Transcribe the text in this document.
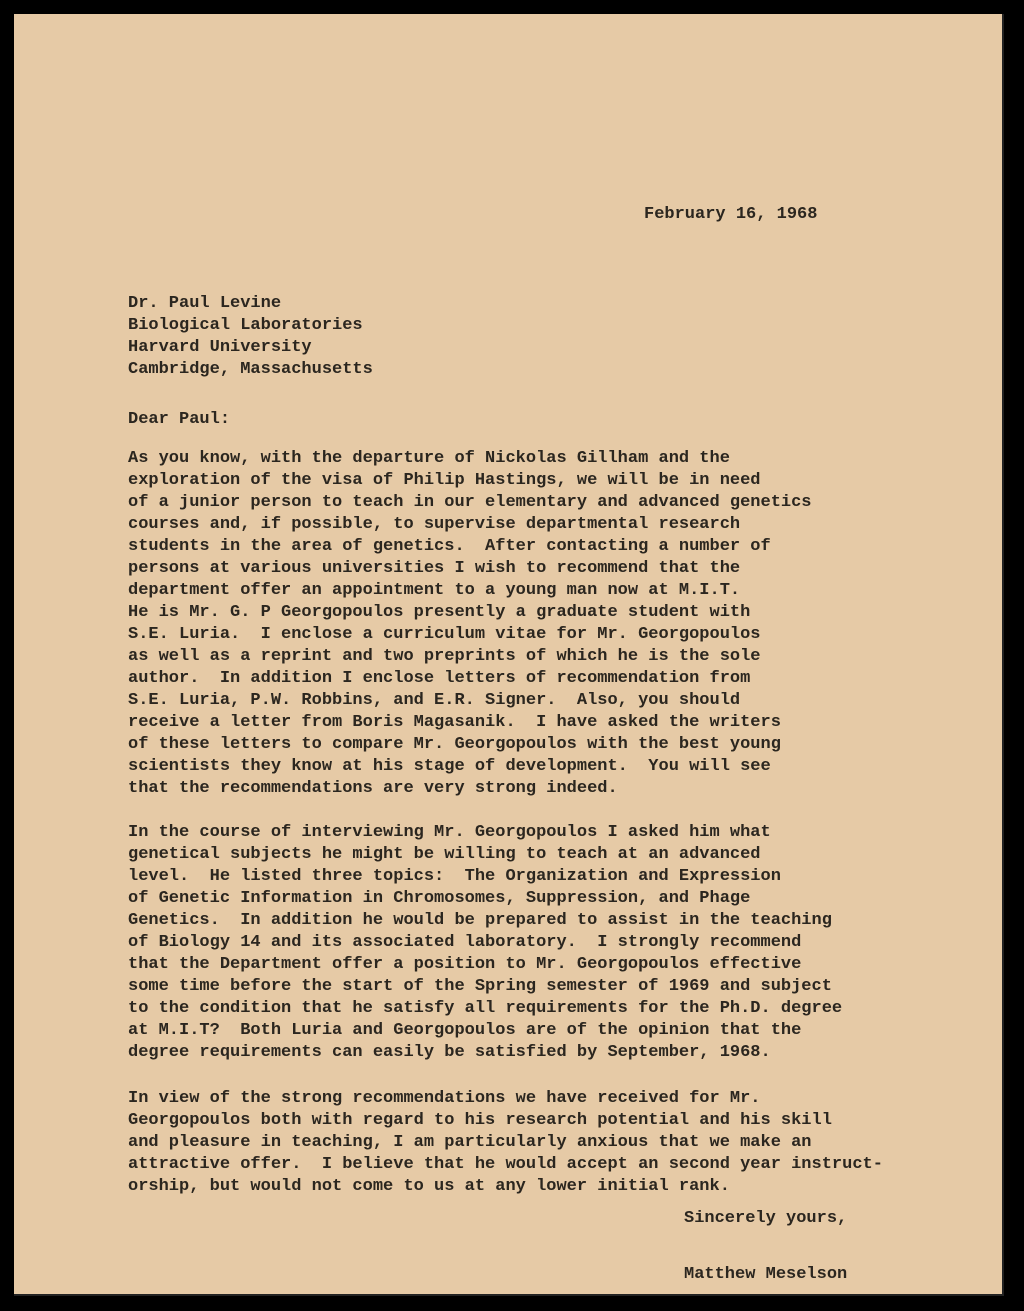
February 16, 1968
Dr. Paul Levine
Biological Laboratories
Harvard University
Cambridge, Massachusetts
Dear Paul:
As you know, with the departure of Nickolas Gillham and the
exploration of the visa of Philip Hastings, we will be in need
of a junior person to teach in our elementary and advanced genetics
courses and, if possible, to supervise departmental research
students in the area of genetics.  After contacting a number of
persons at various universities I wish to recommend that the
department offer an appointment to a young man now at M.I.T.
He is Mr. G. P Georgopoulos presently a graduate student with
S.E. Luria.  I enclose a curriculum vitae for Mr. Georgopoulos
as well as a reprint and two preprints of which he is the sole
author.  In addition I enclose letters of recommendation from
S.E. Luria, P.W. Robbins, and E.R. Signer.  Also, you should
receive a letter from Boris Magasanik.  I have asked the writers
of these letters to compare Mr. Georgopoulos with the best young
scientists they know at his stage of development.  You will see
that the recommendations are very strong indeed.
In the course of interviewing Mr. Georgopoulos I asked him what
genetical subjects he might be willing to teach at an advanced
level.  He listed three topics:  The Organization and Expression
of Genetic Information in Chromosomes, Suppression, and Phage
Genetics.  In addition he would be prepared to assist in the teaching
of Biology 14 and its associated laboratory.  I strongly recommend
that the Department offer a position to Mr. Georgopoulos effective
some time before the start of the Spring semester of 1969 and subject
to the condition that he satisfy all requirements for the Ph.D. degree
at M.I.T?  Both Luria and Georgopoulos are of the opinion that the
degree requirements can easily be satisfied by September, 1968.
In view of the strong recommendations we have received for Mr.
Georgopoulos both with regard to his research potential and his skill
and pleasure in teaching, I am particularly anxious that we make an
attractive offer.  I believe that he would accept an second year instruct-
orship, but would not come to us at any lower initial rank.
Sincerely yours,
Matthew Meselson
